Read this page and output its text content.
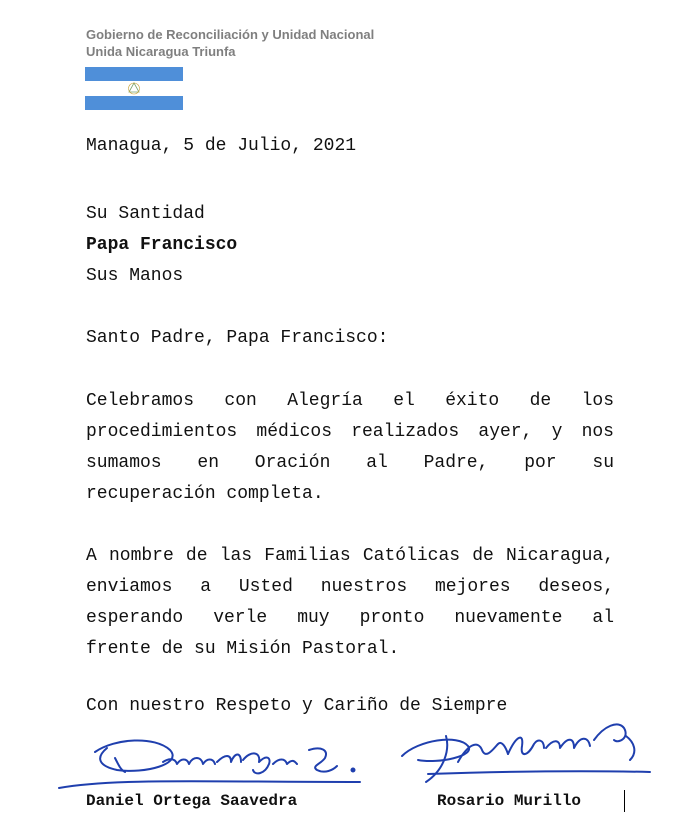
Gobierno de Reconciliación y Unidad Nacional
Unida Nicaragua Triunfa
Managua, 5 de Julio, 2021
Su Santidad
Papa Francisco
Sus Manos
Santo Padre, Papa Francisco:
Celebramos con Alegría el éxito de los
procedimientos médicos realizados ayer, y nos
sumamos en Oración al Padre, por su
recuperación completa.
A nombre de las Familias Católicas de Nicaragua,
enviamos a Usted nuestros mejores deseos,
esperando verle muy pronto nuevamente al
frente de su Misión Pastoral.
Con nuestro Respeto y Cariño de Siempre
Daniel Ortega Saavedra	Rosario Murillo
